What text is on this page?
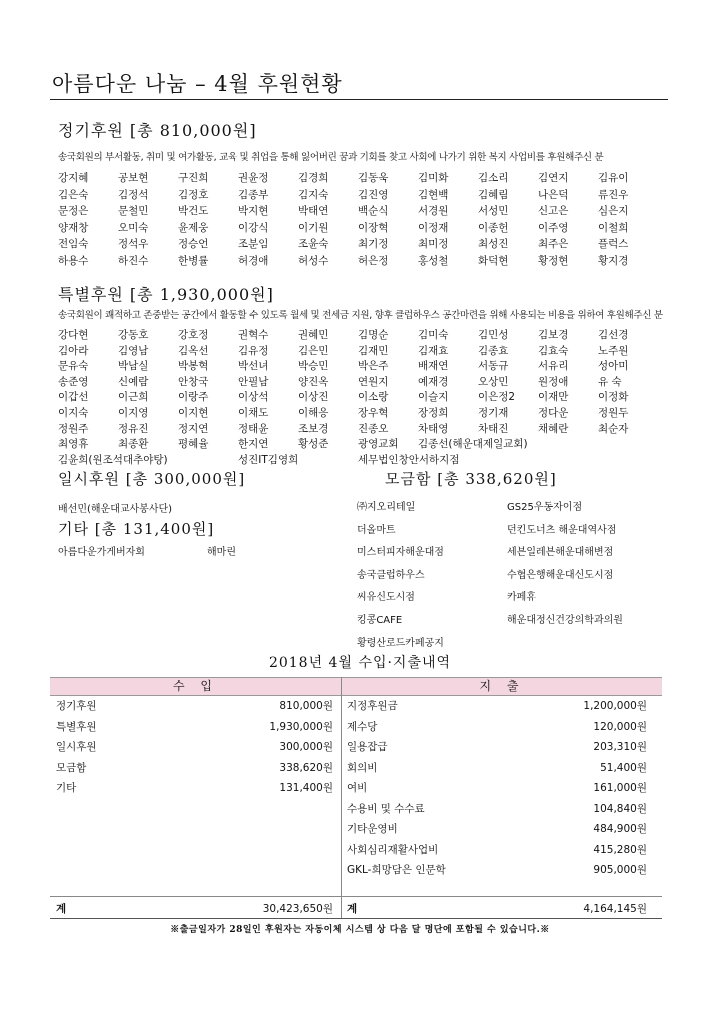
아름다운 나눔 – 4월 후원현황
정기후원 [총 810,000원]
송국회원의 부서활동, 취미 및 여가활동, 교육 및 취업을 통해 잃어버린 꿈과 기회를 찾고 사회에 나가기 위한 복지 사업비를 후원해주신 분
강지혜	공보현	구진희	권윤정	김경희	김동욱	김미화	김소리	김연지	김유이
김은숙	김정석	김정호	김종부	김지숙	김진영	김현백	김혜림	나은덕	류진우
문정은	문철민	박건도	박지현	박태연	백순식	서경원	서성민	신고은	심은지
양재창	오미숙	윤제웅	이강식	이기원	이장혁	이정재	이종헌	이주영	이철희
전임숙	정석우	정승언	조분임	조윤숙	최기정	최미정	최성진	최주은	플럭스
하용수	하진수	한병률	허경애	허성수	허은정	홍성철	화덕현	황정현	황지경
특별후원 [총 1,930,000원]
송국회원이 쾌적하고 존중받는 공간에서 활동할 수 있도록 월세 및 전세금 지원, 향후 클럽하우스 공간마련을 위해 사용되는 비용을 위하여 후원해주신 분
강다현	강동호	강호정	권혁수	권혜민	김명순	김미숙	김민성	김보경	김선경
김아라	김영남	김옥선	김유정	김은민	김재민	김재효	김종효	김효숙	노주원
문유숙	박남실	박봉혁	박선녀	박승민	박은주	배재연	서동규	서유리	성아미
송준영	신예람	안창국	안필남	양진옥	연원지	예재경	오상민	원정애	유 숙
이갑선	이근희	이랑주	이상석	이상진	이소랑	이슬지	이은정2	이재만	이정화
이지숙	이지영	이지현	이채도	이해응	장우혁	장정희	정기재	정다운	정원두
정원주	정유진	정지연	정태윤	조보경	진종오	차태영	차태진	채혜란	최순자
최영휴	최종환	평혜율	한지연	황성준	광영교회	김종선(해운대제일교회)
김윤희(원조석대추야탕)	성진IT김영희	세무법인창안서하지점
일시후원 [총 300,000원]
배선민(해운대교사봉사단)
기타 [총 131,400원]
아름다운가게버자회	해마린
모금함 [총 338,620원]
㈜지오리테일	GS25우동자이점
더올마트	던킨도너츠 해운대역사점
미스터피자해운대점	세븐일레븐해운대해변점
송국클럽하우스	수협은행해운대신도시점
씨유신도시점	카페휴
킹콩CAFE	해운대정신건강의학과의원
황령산로드카페공지
2018년 4월 수입·지출내역
수 입	지 출
정기후원	810,000원
특별후원	1,930,000원
일시후원	300,000원
모금함	338,620원
기타	131,400원
지정후원금	1,200,000원
제수당	120,000원
일용잡급	203,310원
회의비	51,400원
여비	161,000원
수용비 및 수수료	104,840원
기타운영비	484,900원
사회심리재활사업비	415,280원
GKL-희망담은 인문학	905,000원
계	30,423,650원 계	4,164,145원
※출금일자가 28일인 후원자는 자동이체 시스템 상 다음 달 명단에 포함될 수 있습니다.※
